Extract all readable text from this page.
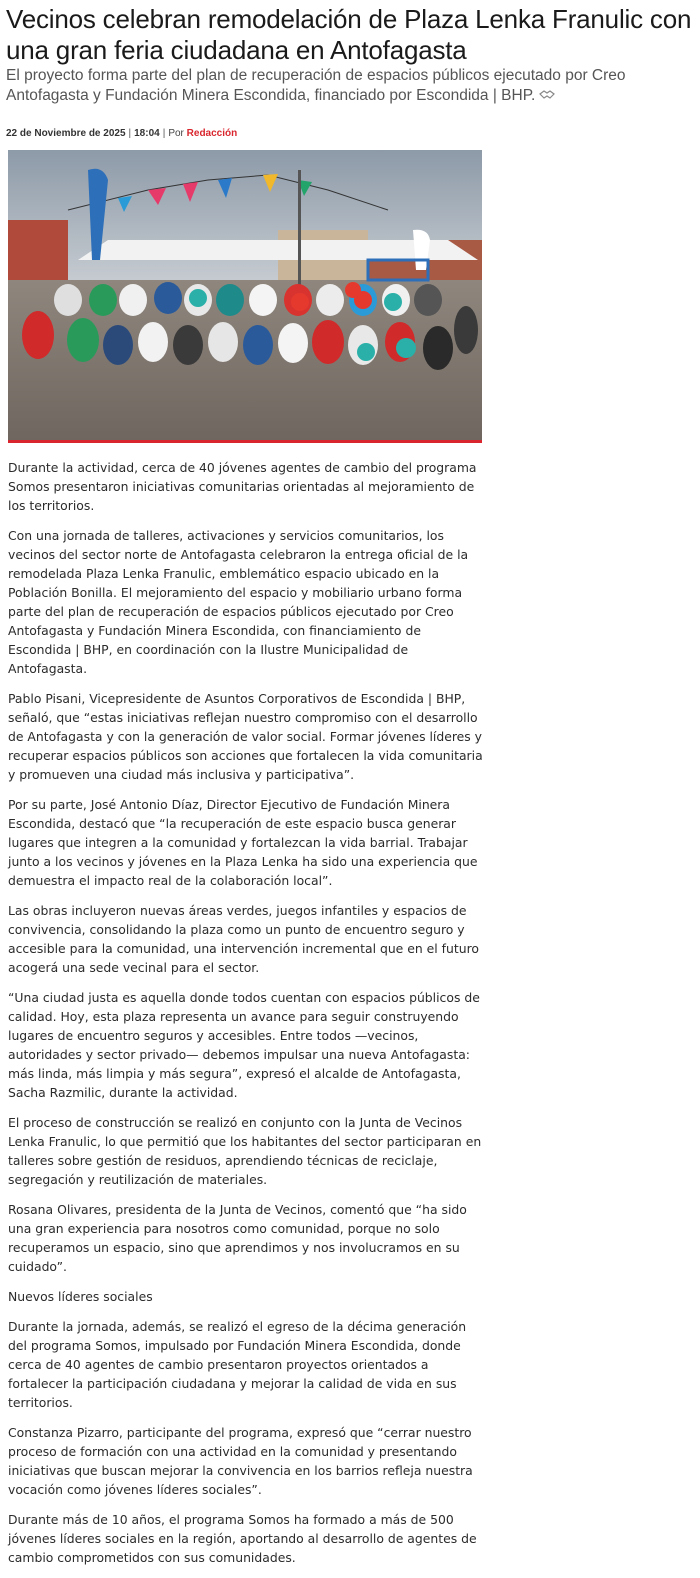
Vecinos celebran remodelación de Plaza Lenka Franulic con una gran feria ciudadana en Antofagasta

El proyecto forma parte del plan de recuperación de espacios públicos ejecutado por Creo Antofagasta y Fundación Minera Escondida, financiado por Escondida | BHP.

22 de Noviembre de 2025 | 18:04 | Por Redacción

Durante la actividad, cerca de 40 jóvenes agentes de cambio del programa Somos presentaron iniciativas comunitarias orientadas al mejoramiento de los territorios.

Con una jornada de talleres, activaciones y servicios comunitarios, los vecinos del sector norte de Antofagasta celebraron la entrega oficial de la remodelada Plaza Lenka Franulic, emblemático espacio ubicado en la Población Bonilla. El mejoramiento del espacio y mobiliario urbano forma parte del plan de recuperación de espacios públicos ejecutado por Creo Antofagasta y Fundación Minera Escondida, con financiamiento de Escondida | BHP, en coordinación con la Ilustre Municipalidad de Antofagasta.

Pablo Pisani, Vicepresidente de Asuntos Corporativos de Escondida | BHP, señaló, que “estas iniciativas reflejan nuestro compromiso con el desarrollo de Antofagasta y con la generación de valor social. Formar jóvenes líderes y recuperar espacios públicos son acciones que fortalecen la vida comunitaria y promueven una ciudad más inclusiva y participativa”.

Por su parte, José Antonio Díaz, Director Ejecutivo de Fundación Minera Escondida, destacó que “la recuperación de este espacio busca generar lugares que integren a la comunidad y fortalezcan la vida barrial. Trabajar junto a los vecinos y jóvenes en la Plaza Lenka ha sido una experiencia que demuestra el impacto real de la colaboración local”.

Las obras incluyeron nuevas áreas verdes, juegos infantiles y espacios de convivencia, consolidando la plaza como un punto de encuentro seguro y accesible para la comunidad, una intervención incremental que en el futuro acogerá una sede vecinal para el sector.

“Una ciudad justa es aquella donde todos cuentan con espacios públicos de calidad. Hoy, esta plaza representa un avance para seguir construyendo lugares de encuentro seguros y accesibles. Entre todos —vecinos, autoridades y sector privado— debemos impulsar una nueva Antofagasta: más linda, más limpia y más segura”, expresó el alcalde de Antofagasta, Sacha Razmilic, durante la actividad.

El proceso de construcción se realizó en conjunto con la Junta de Vecinos Lenka Franulic, lo que permitió que los habitantes del sector participaran en talleres sobre gestión de residuos, aprendiendo técnicas de reciclaje, segregación y reutilización de materiales.

Rosana Olivares, presidenta de la Junta de Vecinos, comentó que “ha sido una gran experiencia para nosotros como comunidad, porque no solo recuperamos un espacio, sino que aprendimos y nos involucramos en su cuidado”.

Nuevos líderes sociales

Durante la jornada, además, se realizó el egreso de la décima generación del programa Somos, impulsado por Fundación Minera Escondida, donde cerca de 40 agentes de cambio presentaron proyectos orientados a fortalecer la participación ciudadana y mejorar la calidad de vida en sus territorios.

Constanza Pizarro, participante del programa, expresó que “cerrar nuestro proceso de formación con una actividad en la comunidad y presentando iniciativas que buscan mejorar la convivencia en los barrios refleja nuestra vocación como jóvenes líderes sociales”.

Durante más de 10 años, el programa Somos ha formado a más de 500 jóvenes líderes sociales en la región, aportando al desarrollo de agentes de cambio comprometidos con sus comunidades.
